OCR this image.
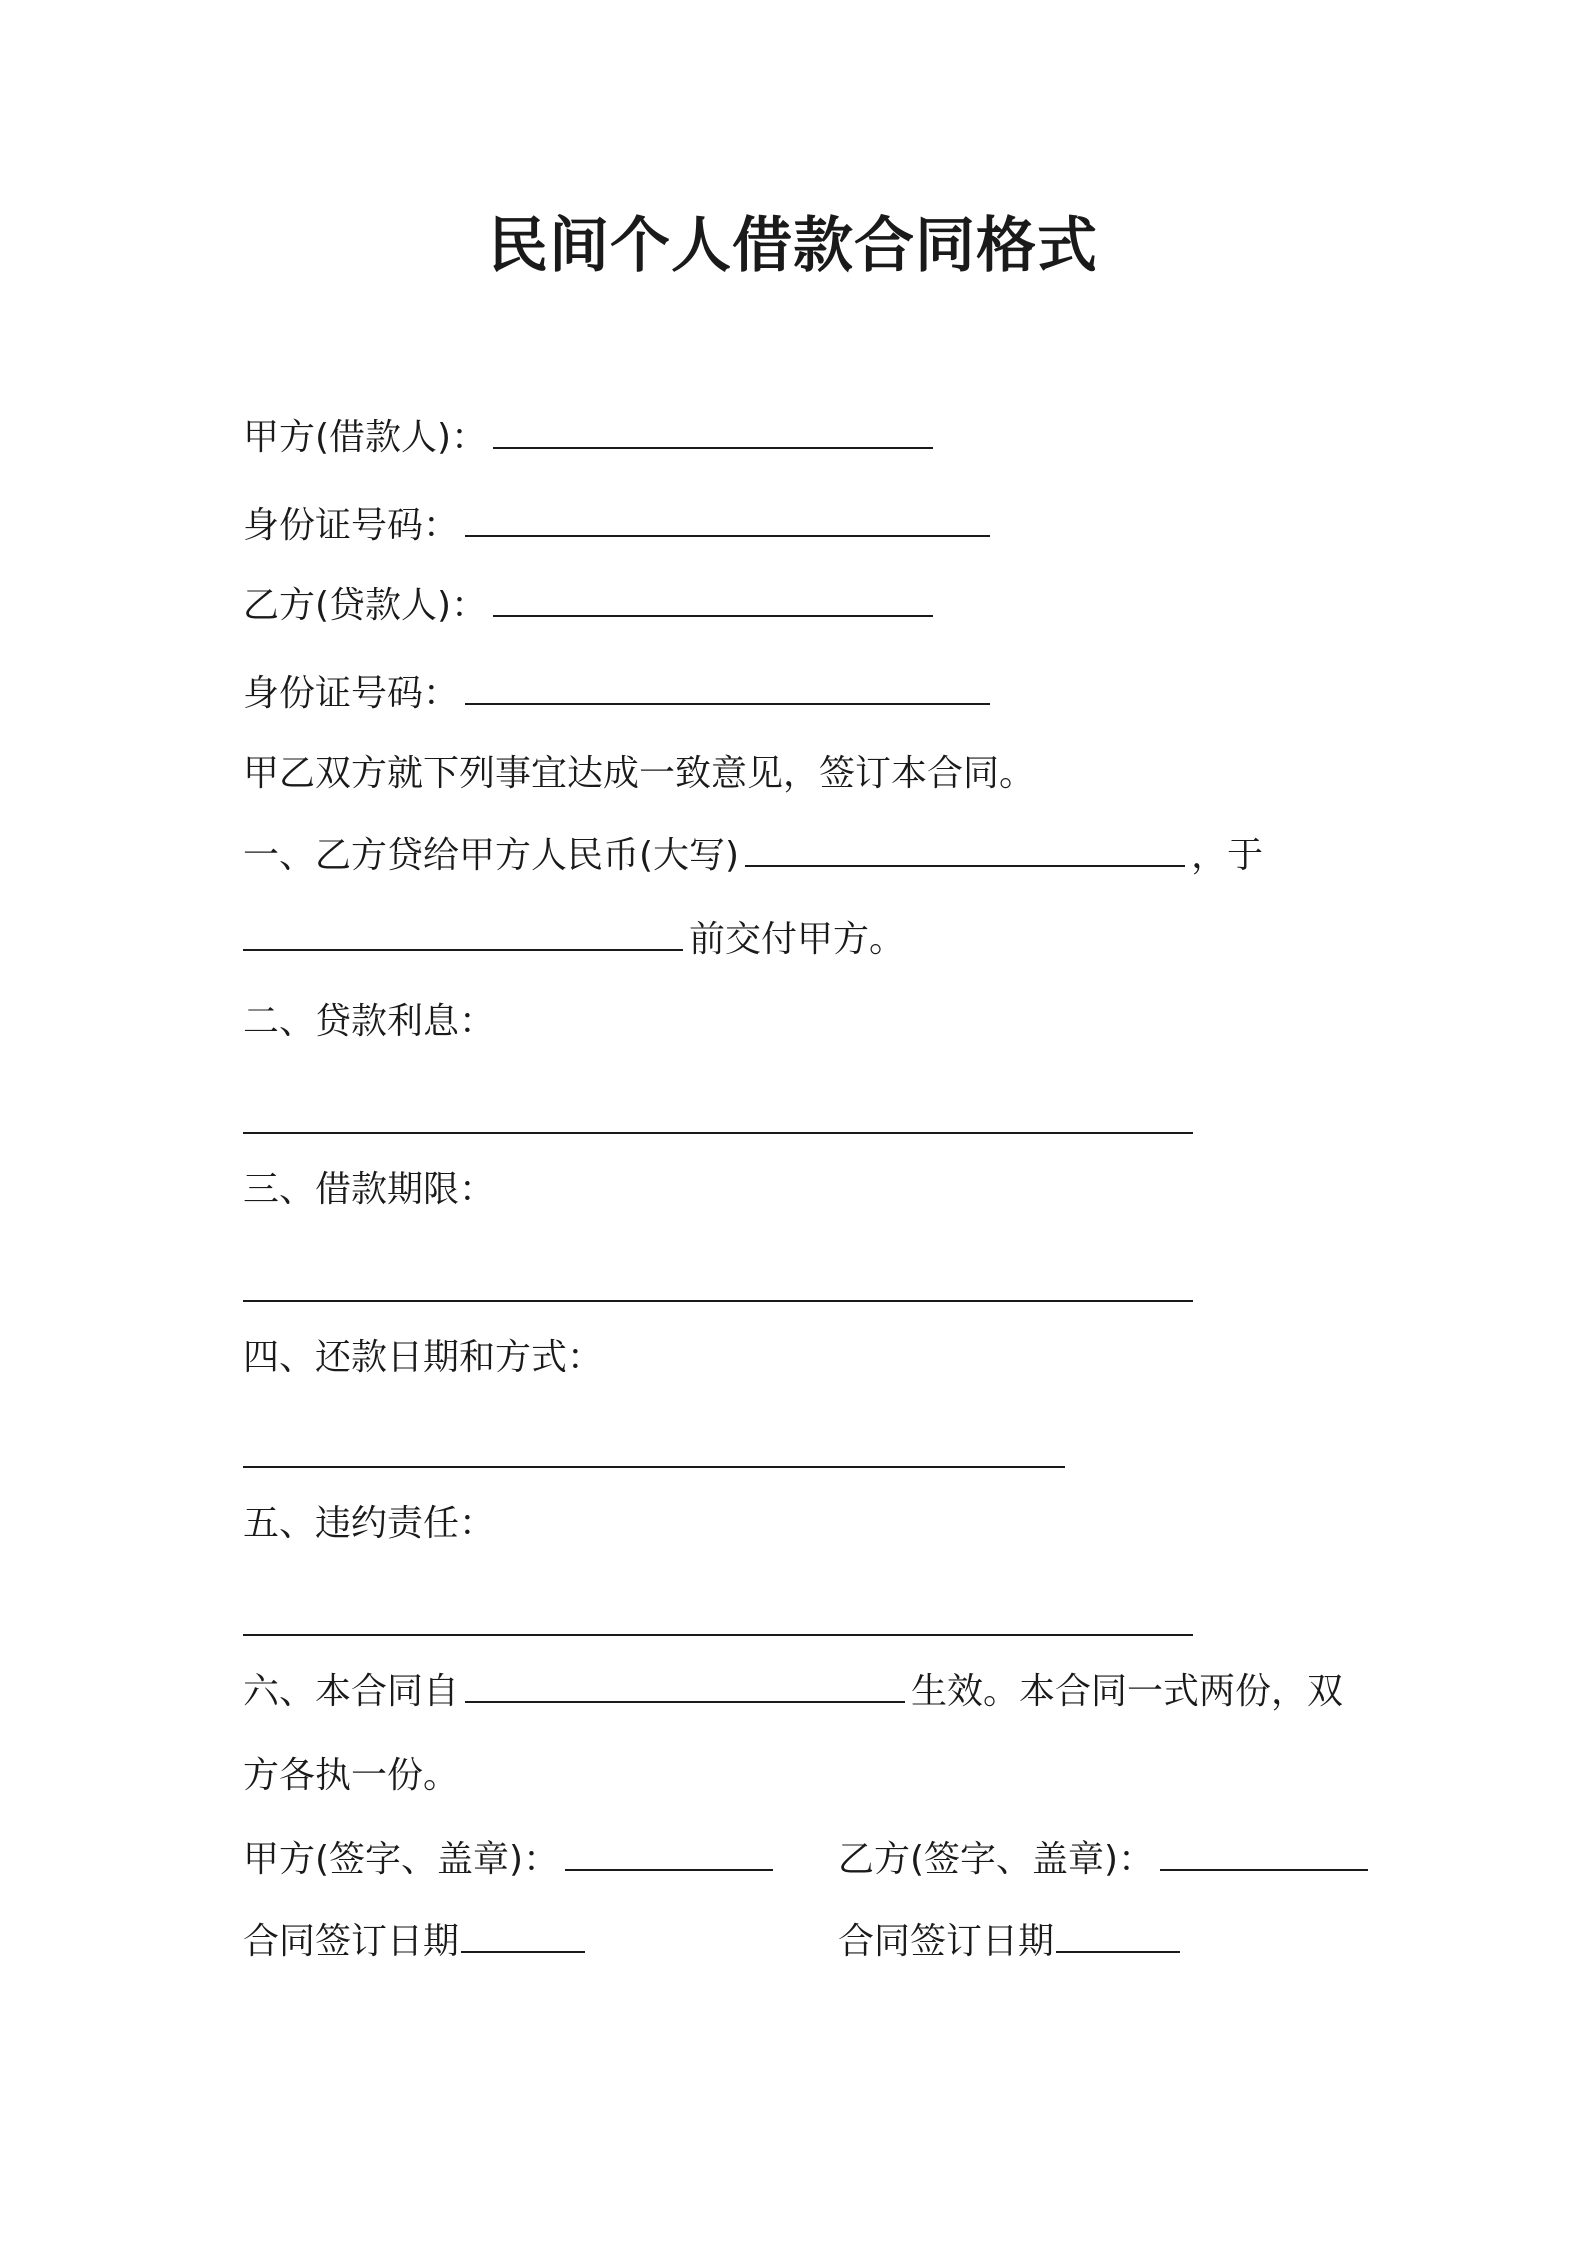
民间个人借款合同格式
甲方(借款人)：
身份证号码：
乙方(贷款人)：
身份证号码：
甲乙双方就下列事宜达成一致意见，签订本合同。
一、乙方贷给甲方人民币(大写)	，于
前交付甲方。
二、贷款利息：
三、借款期限：
四、还款日期和方式：
五、违约责任：
六、本合同自	生效。本合同一式两份，双
方各执一份。
甲方(签字、盖章)：	乙方(签字、盖章)：
合同签订日期	合同签订日期
